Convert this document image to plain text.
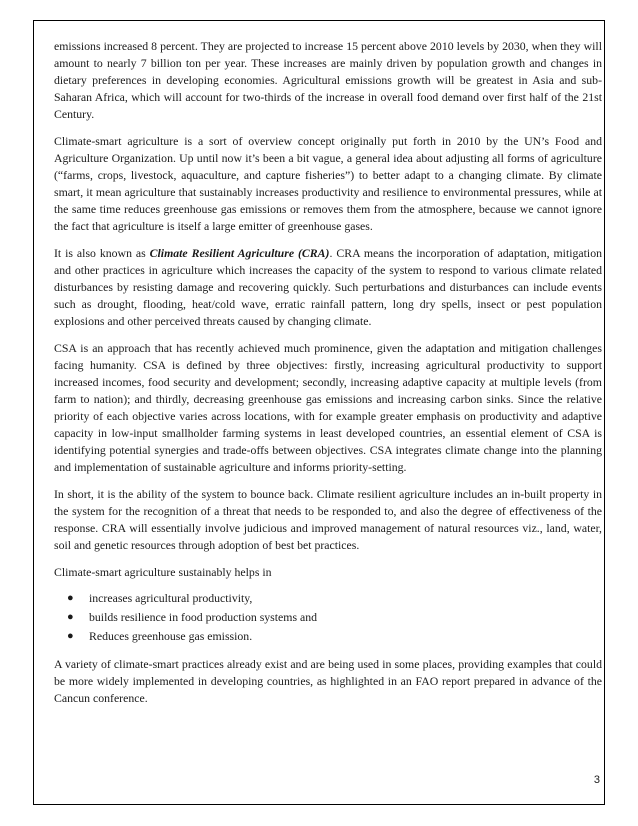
emissions increased 8 percent. They are projected to increase 15 percent above 2010 levels by 2030, when they will amount to nearly 7 billion ton per year. These increases are mainly driven by population growth and changes in dietary preferences in developing economies. Agricultural emissions growth will be greatest in Asia and sub-Saharan Africa, which will account for two-thirds of the increase in overall food demand over first half of the 21st Century.

Climate-smart agriculture is a sort of overview concept originally put forth in 2010 by the UN’s Food and Agriculture Organization. Up until now it’s been a bit vague, a general idea about adjusting all forms of agriculture (“farms, crops, livestock, aquaculture, and capture fisheries”) to better adapt to a changing climate. By climate smart, it mean agriculture that sustainably increases productivity and resilience to environmental pressures, while at the same time reduces greenhouse gas emissions or removes them from the atmosphere, because we cannot ignore the fact that agriculture is itself a large emitter of greenhouse gases.

It is also known as Climate Resilient Agriculture (CRA). CRA means the incorporation of adaptation, mitigation and other practices in agriculture which increases the capacity of the system to respond to various climate related disturbances by resisting damage and recovering quickly. Such perturbations and disturbances can include events such as drought, flooding, heat/cold wave, erratic rainfall pattern, long dry spells, insect or pest population explosions and other perceived threats caused by changing climate.

CSA is an approach that has recently achieved much prominence, given the adaptation and mitigation challenges facing humanity. CSA is defined by three objectives: firstly, increasing agricultural productivity to support increased incomes, food security and development; secondly, increasing adaptive capacity at multiple levels (from farm to nation); and thirdly, decreasing greenhouse gas emissions and increasing carbon sinks. Since the relative priority of each objective varies across locations, with for example greater emphasis on productivity and adaptive capacity in low-input smallholder farming systems in least developed countries, an essential element of CSA is identifying potential synergies and trade-offs between objectives. CSA integrates climate change into the planning and implementation of sustainable agriculture and informs priority-setting.

In short, it is the ability of the system to bounce back. Climate resilient agriculture includes an in-built property in the system for the recognition of a threat that needs to be responded to, and also the degree of effectiveness of the response. CRA will essentially involve judicious and improved management of natural resources viz., land, water, soil and genetic resources through adoption of best bet practices.

Climate-smart agriculture sustainably helps in

● increases agricultural productivity,
● builds resilience in food production systems and
● Reduces greenhouse gas emission.

A variety of climate-smart practices already exist and are being used in some places, providing examples that could be more widely implemented in developing countries, as highlighted in an FAO report prepared in advance of the Cancun conference.

3
